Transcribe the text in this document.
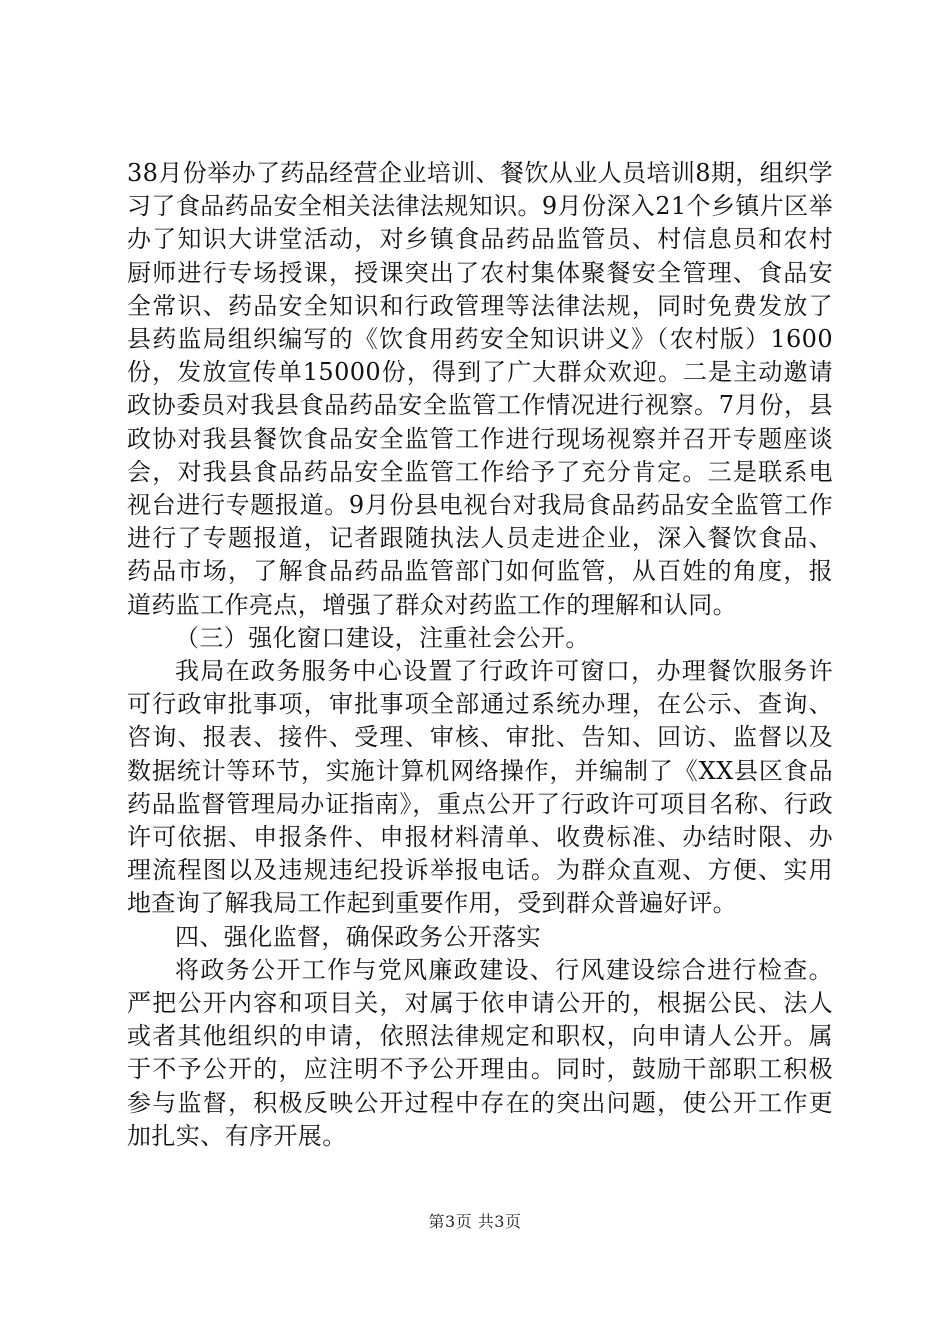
38月份举办了药品经营企业培训、餐饮从业人员培训8期，组织学习了食品药品安全相关法律法规知识。9月份深入21个乡镇片区举办了知识大讲堂活动，对乡镇食品药品监管员、村信息员和农村厨师进行专场授课，授课突出了农村集体聚餐安全管理、食品安全常识、药品安全知识和行政管理等法律法规，同时免费发放了县药监局组织编写的《饮食用药安全知识讲义》（农村版）1600份，发放宣传单15000份，得到了广大群众欢迎。二是主动邀请政协委员对我县食品药品安全监管工作情况进行视察。7月份，县政协对我县餐饮食品安全监管工作进行现场视察并召开专题座谈会，对我县食品药品安全监管工作给予了充分肯定。三是联系电视台进行专题报道。9月份县电视台对我局食品药品安全监管工作进行了专题报道，记者跟随执法人员走进企业，深入餐饮食品、药品市场，了解食品药品监管部门如何监管，从百姓的角度，报道药监工作亮点，增强了群众对药监工作的理解和认同。

（三）强化窗口建设，注重社会公开。

我局在政务服务中心设置了行政许可窗口，办理餐饮服务许可行政审批事项，审批事项全部通过系统办理，在公示、查询、咨询、报表、接件、受理、审核、审批、告知、回访、监督以及数据统计等环节，实施计算机网络操作，并编制了《XX县区食品药品监督管理局办证指南》，重点公开了行政许可项目名称、行政许可依据、申报条件、申报材料清单、收费标准、办结时限、办理流程图以及违规违纪投诉举报电话。为群众直观、方便、实用地查询了解我局工作起到重要作用，受到群众普遍好评。

四、强化监督，确保政务公开落实

将政务公开工作与党风廉政建设、行风建设综合进行检查。严把公开内容和项目关，对属于依申请公开的，根据公民、法人或者其他组织的申请，依照法律规定和职权，向申请人公开。属于不予公开的，应注明不予公开理由。同时，鼓励干部职工积极参与监督，积极反映公开过程中存在的突出问题，使公开工作更加扎实、有序开展。

第3页 共3页
